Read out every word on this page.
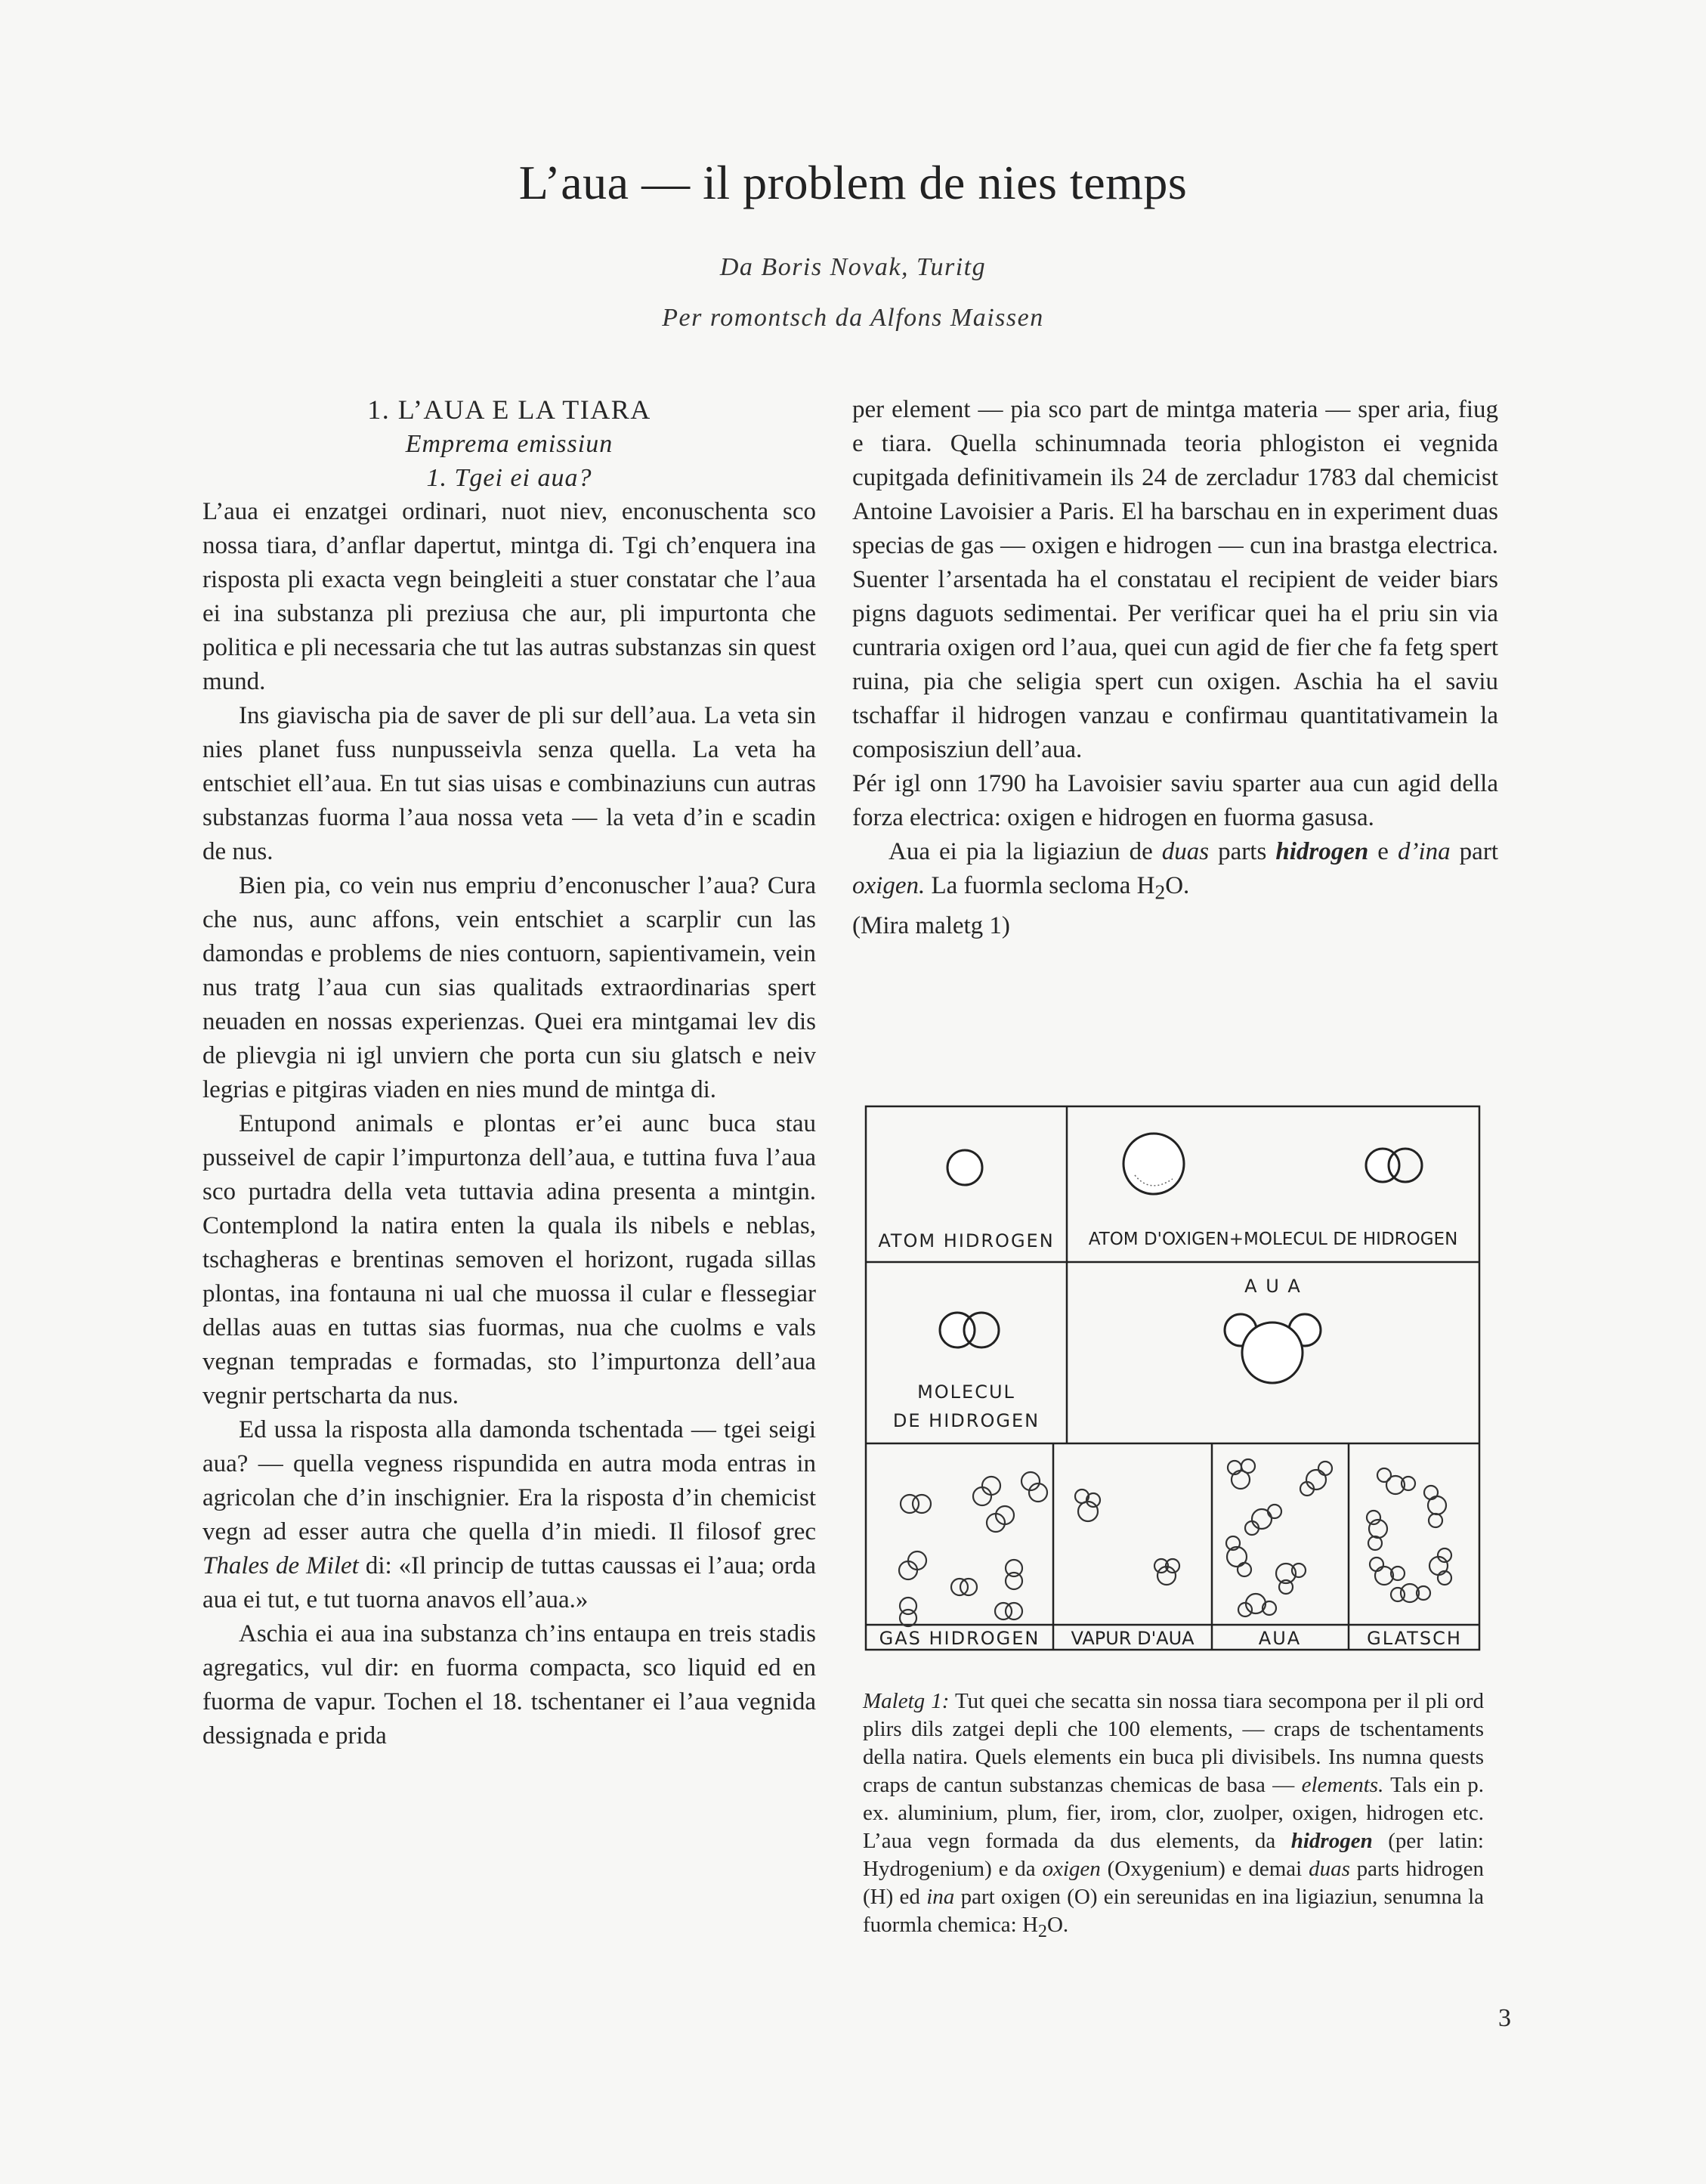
L’aua — il problem de nies temps
Da Boris Novak, Turitg
Per romontsch da Alfons Maissen

1. L’AUA E LA TIARA

Emprema emissiun

1. Tgei ei aua?

L’aua ei enzatgei ordinari, nuot niev, enconuschenta sco nossa tiara, d’anflar dapertut, mintga di. Tgi ch’enquera ina risposta pli exacta vegn beingleiti a stuer constatar che l’aua ei ina substanza pli preziusa che aur, pli impurtonta che politica e pli necessaria che tut las autras substanzas sin quest mund.

Ins giavischa pia de saver de pli sur dell’aua. La veta sin nies planet fuss nunpusseivla senza quella. La veta ha entschiet ell’aua. En tut sias uisas e combinaziuns cun autras substanzas fuorma l’aua nossa veta — la veta d’in e scadin de nus.

Bien pia, co vein nus empriu d’enconuscher l’aua? Cura che nus, aunc affons, vein entschiet a scarplir cun las damondas e problems de nies contuorn, sapientivamein, vein nus tratg l’aua cun sias qualitads extraordinarias spert neuaden en nossas experienzas. Quei era mintgamai lev dis de plievgia ni igl unviern che porta cun siu glatsch e neiv legrias e pitgiras viaden en nies mund de mintga di.

Entupond animals e plontas er’ei aunc buca stau pusseivel de capir l’impurtonza dell’aua, e tuttina fuva l’aua sco purtadra della veta tuttavia adina presenta a mintgin. Contemplond la natira enten la quala ils nibels e neblas, tschagheras e brentinas semoven el horizont, rugada sillas plontas, ina fontauna ni ual che muossa il cular e flessegiar dellas auas en tuttas sias fuormas, nua che cuolms e vals vegnan tempradas e formadas, sto l’impurtonza dell’aua vegnir pertscharta da nus.

Ed ussa la risposta alla damonda tschentada — tgei seigi aua? — quella vegness rispundida en autra moda entras in agricolan che d’in inschignier. Era la risposta d’in chemicist vegn ad esser autra che quella d’in miedi. Il filosof grec Thales de Milet di: «Il princip de tuttas caussas ei l’aua; orda aua ei tut, e tut tuorna anavos ell’aua.»

Aschia ei aua ina substanza ch’ins entaupa en treis stadis agregatics, vul dir: en fuorma compacta, sco liquid ed en fuorma de vapur. Tochen el 18. tschentaner ei l’aua vegnida dessignada e prida

per element — pia sco part de mintga materia — sper aria, fiug e tiara. Quella schinumnada teoria phlogiston ei vegnida cupitgada definitivamein ils 24 de zercladur 1783 dal chemicist Antoine Lavoisier a Paris. El ha barschau en in experiment duas specias de gas — oxigen e hidrogen — cun ina brastga electrica. Suenter l’arsentada ha el constatau el recipient de veider biars pigns daguots sedimentai. Per verificar quei ha el priu sin via cuntraria oxigen ord l’aua, quei cun agid de fier che fa fetg spert ruina, pia che seligia spert cun oxigen. Aschia ha el saviu tschaffar il hidrogen vanzau e confirmau quantitativamein la composisziun dell’aua.

Pér igl onn 1790 ha Lavoisier saviu sparter aua cun agid della forza electrica: oxigen e hidrogen en fuorma gasusa.

Aua ei pia la ligiaziun de duas parts hidrogen e d’ina part oxigen. La fuormla secloma $H_2O$.
(Mira maletg 1)

ATOM HIDROGEN ATOM D'OXIGEN+MOLECUL DE HIDROGEN
A U A
MOLECUL
DE HIDROGEN
GAS HIDROGEN VAPUR D'AUA	AUA	GLATSCH

Maletg 1: Tut quei che secatta sin nossa tiara secompona per il pli ord plirs dils zatgei depli che 100 elements, — craps de tschentaments della natira. Quels elements ein buca pli divisibels. Ins numna quests craps de cantun substanzas chemicas de basa — elements. Tals ein p. ex. aluminium, plum, fier, irom, clor, zuolper, oxigen, hidrogen etc. L’aua vegn formada da dus elements, da hidrogen (per latin: Hydrogenium) e da oxigen (Oxygenium) e demai duas parts hidrogen (H) ed ina part oxigen (O) ein sereunidas en ina ligiaziun, senumna la fuormla chemica: $H_2O$.

3
